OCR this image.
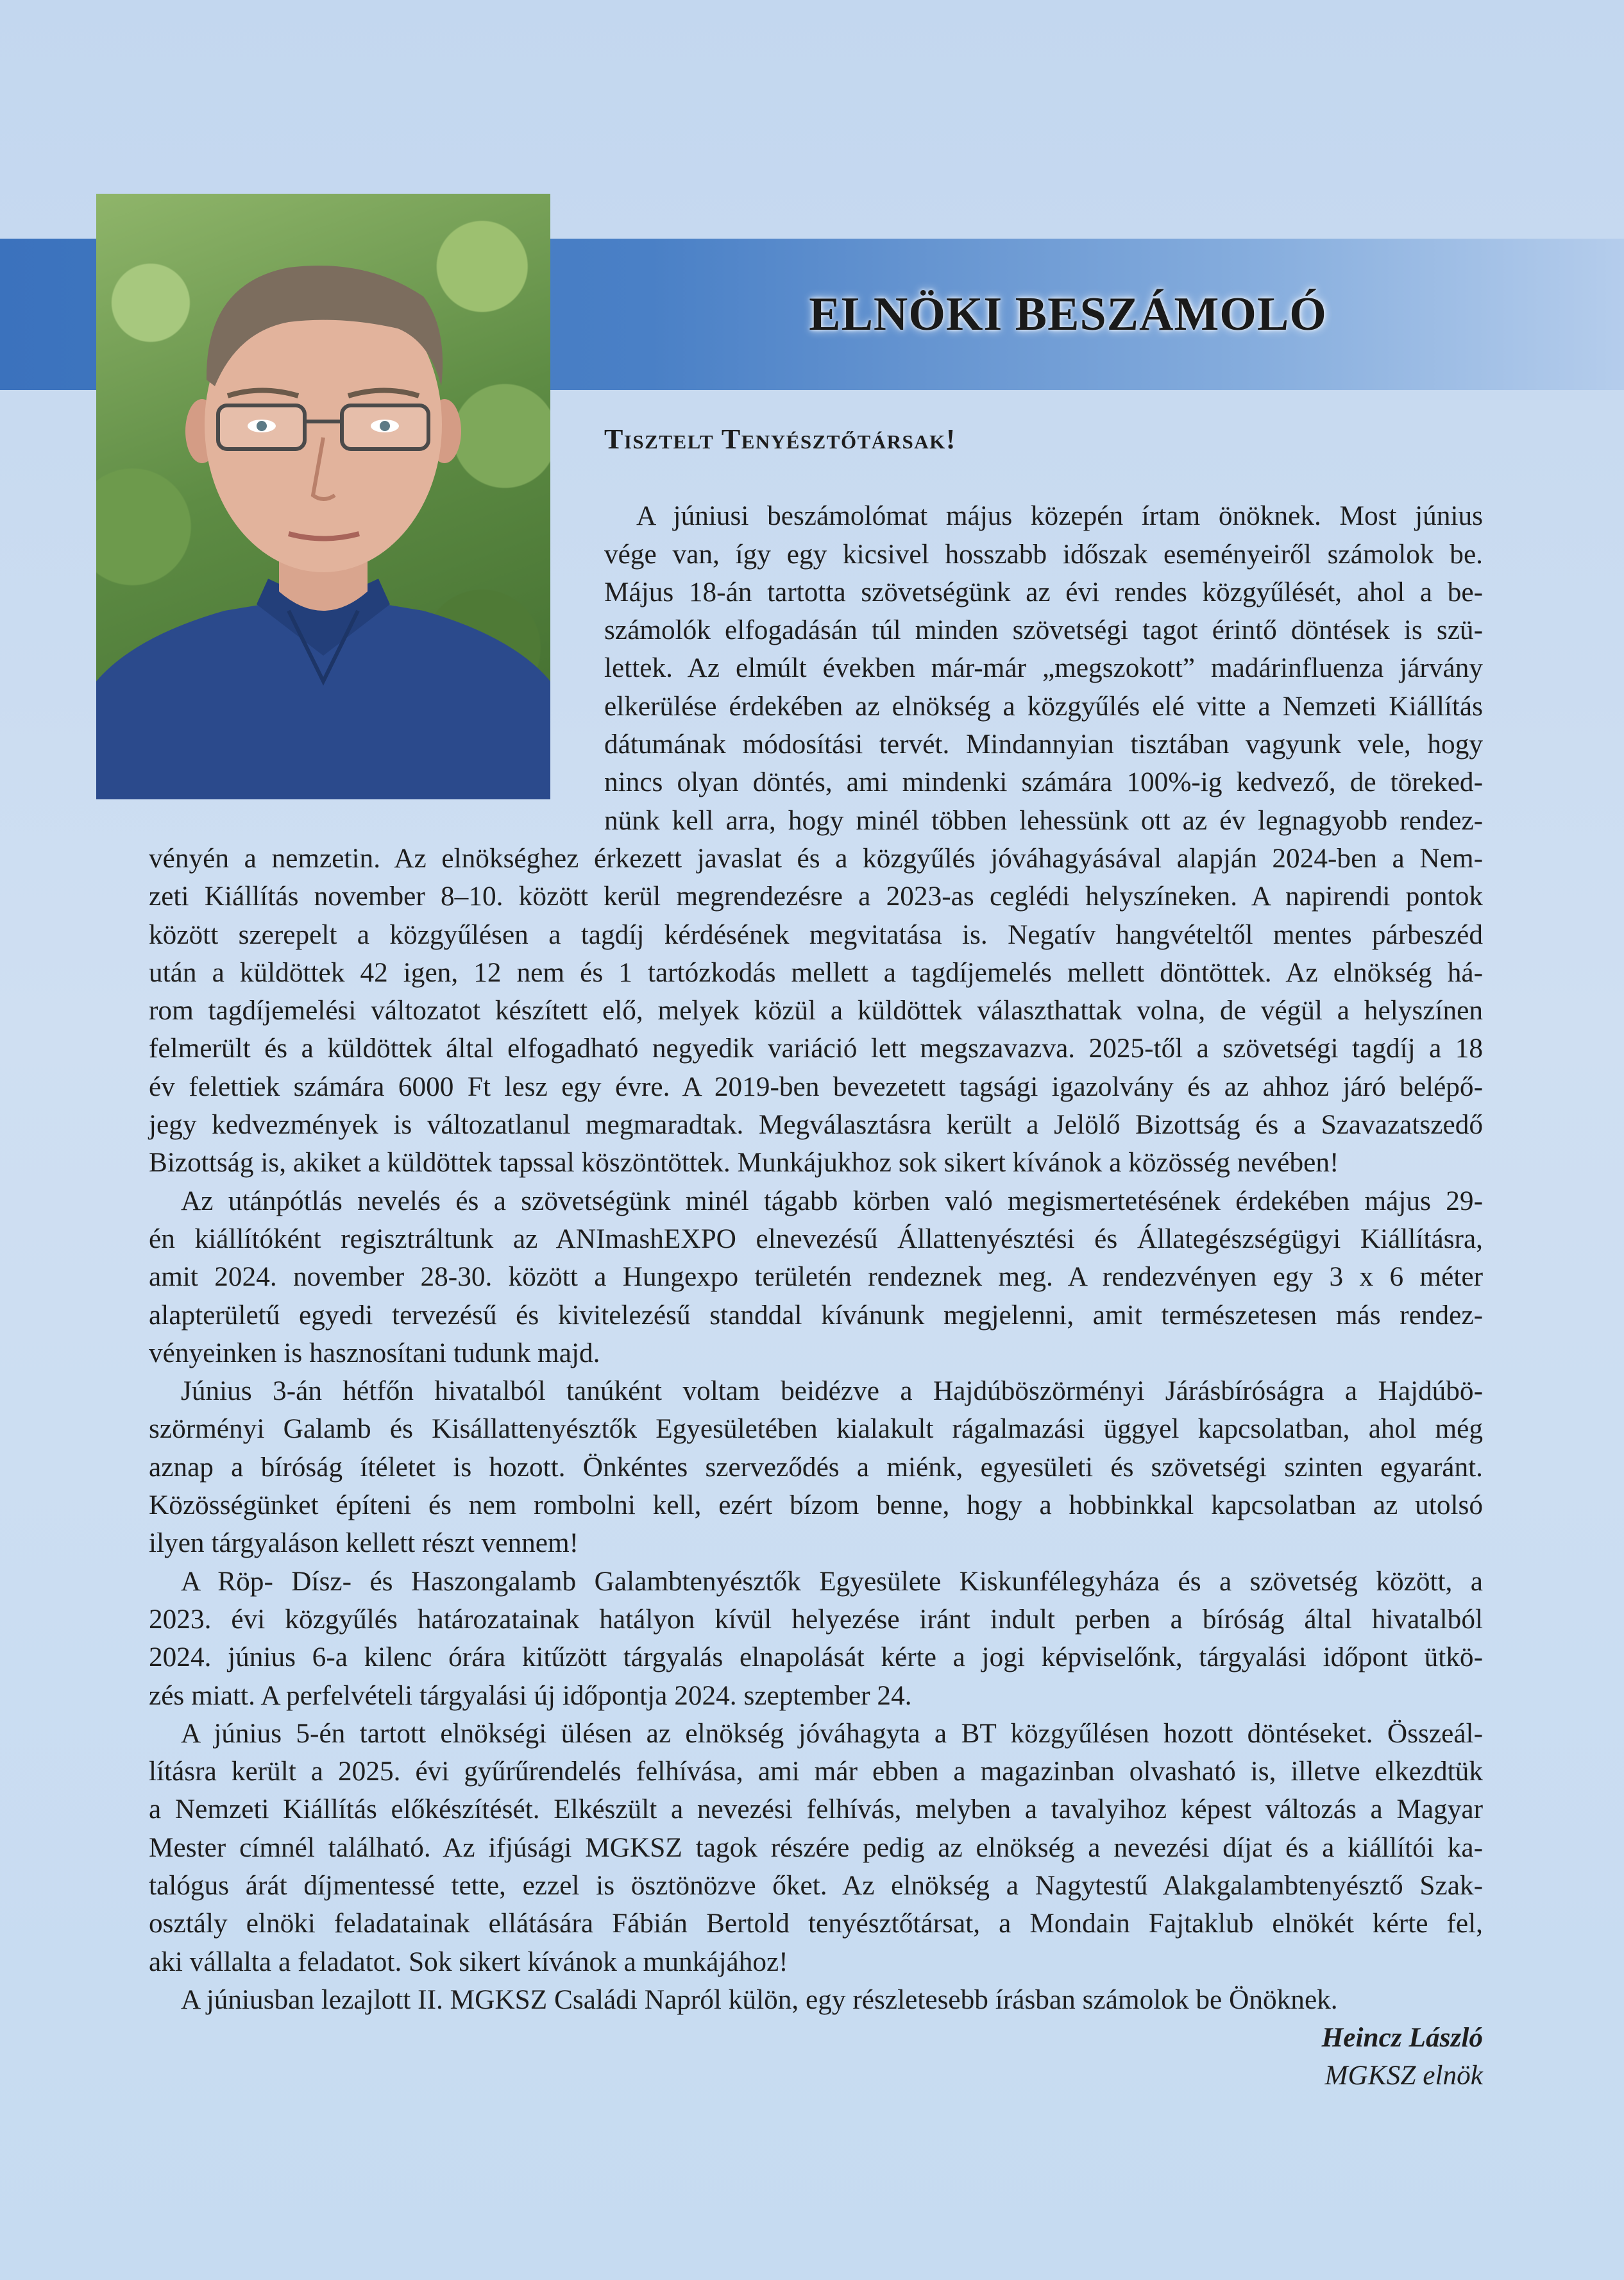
ELNÖKI BESZÁMOLÓ

Tisztelt Tenyésztőtársak!

A júniusi beszámolómat május közepén írtam önöknek. Most június
vége van, így egy kicsivel hosszabb időszak eseményeiről számolok be.
Május 18-án tartotta szövetségünk az évi rendes közgyűlését, ahol a be-
számolók elfogadásán túl minden szövetségi tagot érintő döntések is szü-
lettek. Az elmúlt években már-már „megszokott” madárinfluenza járvány
elkerülése érdekében az elnökség a közgyűlés elé vitte a Nemzeti Kiállítás
dátumának módosítási tervét. Mindannyian tisztában vagyunk vele, hogy
nincs olyan döntés, ami mindenki számára 100%-ig kedvező, de töreked-
nünk kell arra, hogy minél többen lehessünk ott az év legnagyobb rendez-
vényén a nemzetin. Az elnökséghez érkezett javaslat és a közgyűlés jóváhagyásával alapján 2024-ben a Nem-
zeti Kiállítás november 8–10. között kerül megrendezésre a 2023-as ceglédi helyszíneken. A napirendi pontok
között szerepelt a közgyűlésen a tagdíj kérdésének megvitatása is. Negatív hangvételtől mentes párbeszéd
után a küldöttek 42 igen, 12 nem és 1 tartózkodás mellett a tagdíjemelés mellett döntöttek. Az elnökség há-
rom tagdíjemelési változatot készített elő, melyek közül a küldöttek választhattak volna, de végül a helyszínen
felmerült és a küldöttek által elfogadható negyedik variáció lett megszavazva. 2025-től a szövetségi tagdíj a 18
év felettiek számára 6000 Ft lesz egy évre. A 2019-ben bevezetett tagsági igazolvány és az ahhoz járó belépő-
jegy kedvezmények is változatlanul megmaradtak. Megválasztásra került a Jelölő Bizottság és a Szavazatszedő
Bizottság is, akiket a küldöttek tapssal köszöntöttek. Munkájukhoz sok sikert kívánok a közösség nevében!

Az utánpótlás nevelés és a szövetségünk minél tágabb körben való megismertetésének érdekében május 29-
én kiállítóként regisztráltunk az ANImashEXPO elnevezésű Állattenyésztési és Állategészségügyi Kiállításra,
amit 2024. november 28-30. között a Hungexpo területén rendeznek meg. A rendezvényen egy 3 x 6 méter
alapterületű egyedi tervezésű és kivitelezésű standdal kívánunk megjelenni, amit természetesen más rendez-
vényeinken is hasznosítani tudunk majd.

Június 3-án hétfőn hivatalból tanúként voltam beidézve a Hajdúböszörményi Járásbíróságra a Hajdúbö-
szörményi Galamb és Kisállattenyésztők Egyesületében kialakult rágalmazási üggyel kapcsolatban, ahol még
aznap a bíróság ítéletet is hozott. Önkéntes szerveződés a miénk, egyesületi és szövetségi szinten egyaránt.
Közösségünket építeni és nem rombolni kell, ezért bízom benne, hogy a hobbinkkal kapcsolatban az utolsó
ilyen tárgyaláson kellett részt vennem!

A Röp- Dísz- és Haszongalamb Galambtenyésztők Egyesülete Kiskunfélegyháza és a szövetség között, a
2023. évi közgyűlés határozatainak hatályon kívül helyezése iránt indult perben a bíróság által hivatalból
2024. június 6-a kilenc órára kitűzött tárgyalás elnapolását kérte a jogi képviselőnk, tárgyalási időpont ütkö-
zés miatt. A perfelvételi tárgyalási új időpontja 2024. szeptember 24.

A június 5-én tartott elnökségi ülésen az elnökség jóváhagyta a BT közgyűlésen hozott döntéseket. Összeál-
lításra került a 2025. évi gyűrűrendelés felhívása, ami már ebben a magazinban olvasható is, illetve elkezdtük
a Nemzeti Kiállítás előkészítését. Elkészült a nevezési felhívás, melyben a tavalyihoz képest változás a Magyar
Mester címnél található. Az ifjúsági MGKSZ tagok részére pedig az elnökség a nevezési díjat és a kiállítói ka-
talógus árát díjmentessé tette, ezzel is ösztönözve őket. Az elnökség a Nagytestű Alakgalambtenyésztő Szak-
osztály elnöki feladatainak ellátására Fábián Bertold tenyésztőtársat, a Mondain Fajtaklub elnökét kérte fel,
aki vállalta a feladatot. Sok sikert kívánok a munkájához!

A júniusban lezajlott II. MGKSZ Családi Napról külön, egy részletesebb írásban számolok be Önöknek.

Heincz László
MGKSZ elnök
